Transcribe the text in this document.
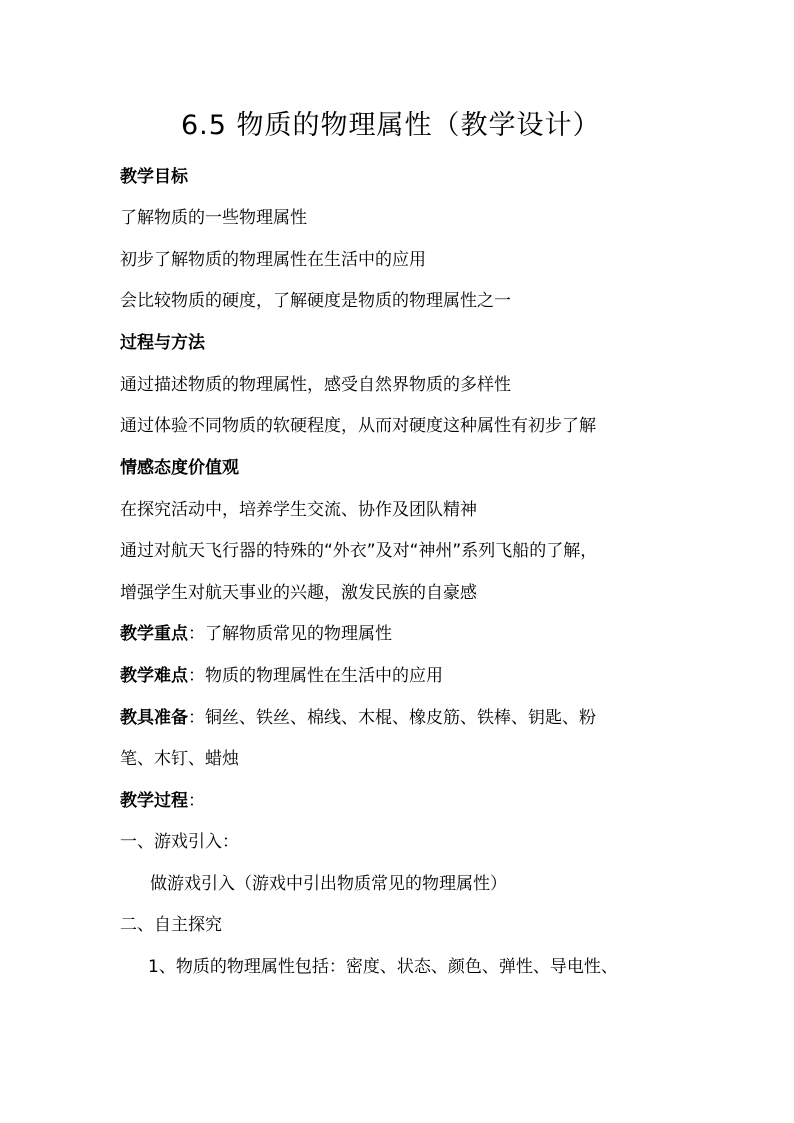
6.5 物质的物理属性（教学设计）
教学目标
了解物质的一些物理属性
初步了解物质的物理属性在生活中的应用
会比较物质的硬度，了解硬度是物质的物理属性之一
过程与方法
通过描述物质的物理属性，感受自然界物质的多样性
通过体验不同物质的软硬程度，从而对硬度这种属性有初步了解
情感态度价值观
在探究活动中，培养学生交流、协作及团队精神
通过对航天飞行器的特殊的“外衣”及对“神州”系列飞船的了解，
增强学生对航天事业的兴趣，激发民族的自豪感
教学重点：了解物质常见的物理属性
教学难点：物质的物理属性在生活中的应用
教具准备：铜丝、铁丝、棉线、木棍、橡皮筋、铁棒、钥匙、粉
笔、木钉、蜡烛
教学过程：
一、游戏引入：
做游戏引入（游戏中引出物质常见的物理属性）
二、自主探究
1、物质的物理属性包括：密度、状态、颜色、弹性、导电性、
